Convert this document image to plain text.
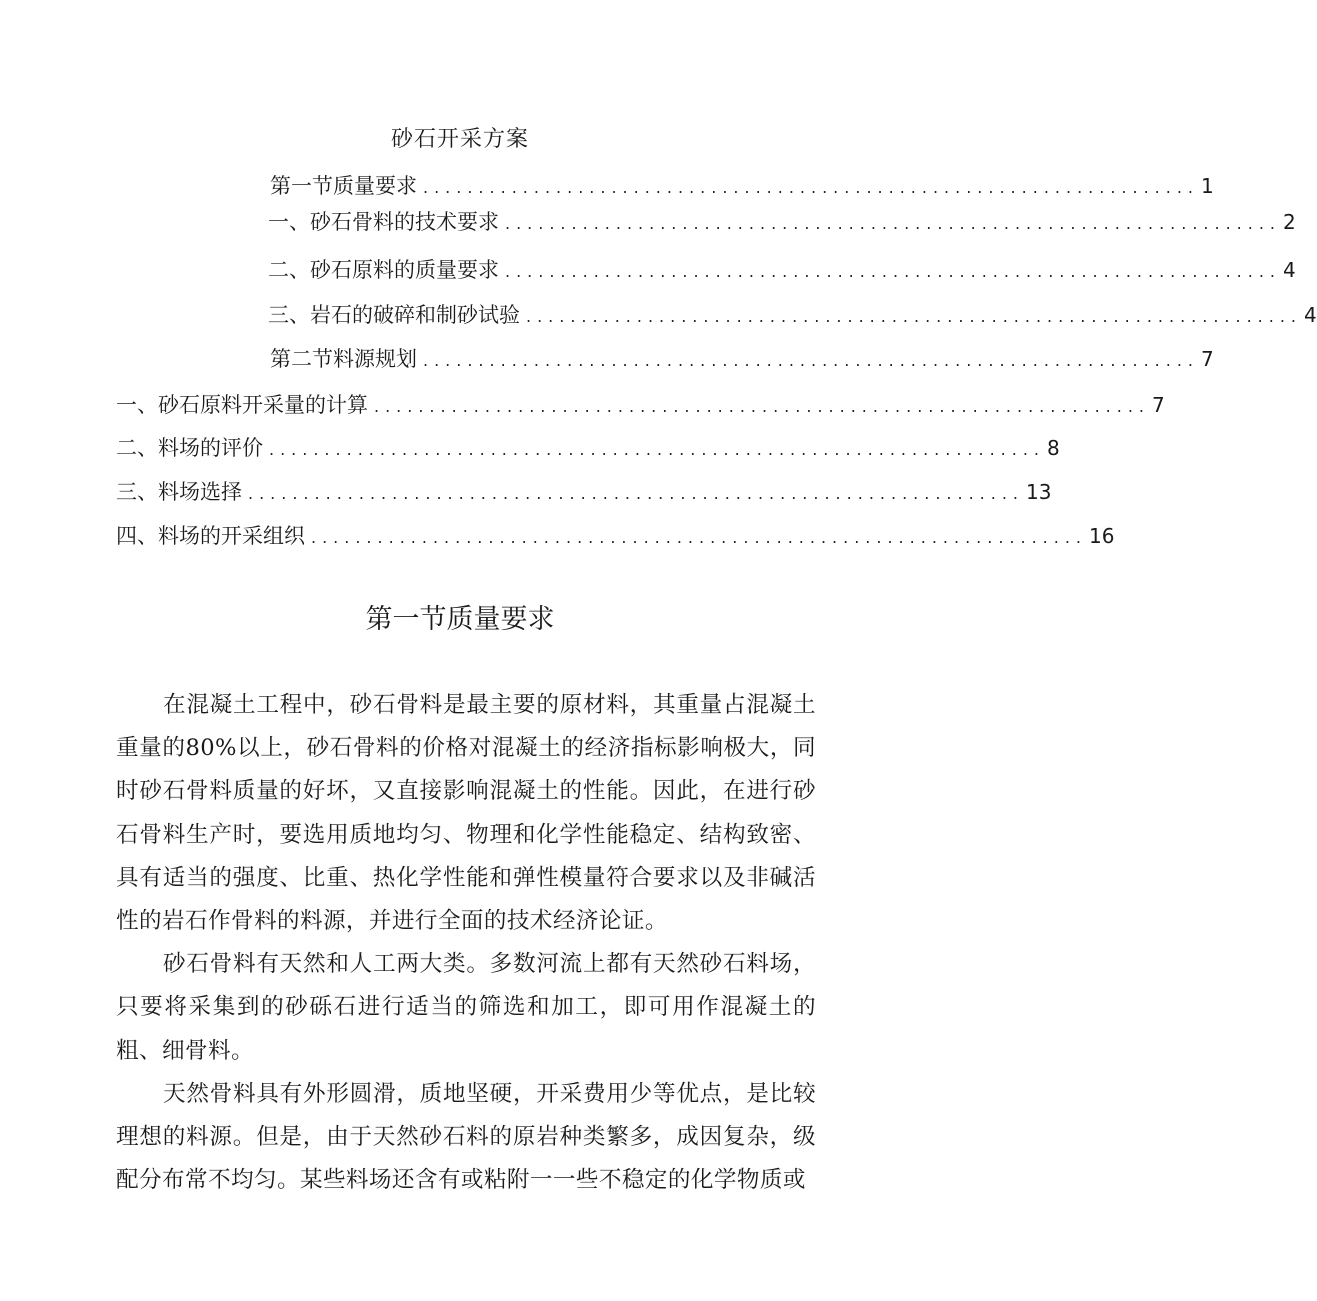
砂石开采方案
第一节质量要求 ...................................................................... 1
一、砂石骨料的技术要求 ...................................................................... 2
二、砂石原料的质量要求 ...................................................................... 4
三、岩石的破碎和制砂试验 ...................................................................... 4
第二节料源规划 ...................................................................... 7
一、砂石原料开采量的计算 ...................................................................... 7
二、料场的评价 ...................................................................... 8
三、料场选择 ...................................................................... 13
四、料场的开采组织 ...................................................................... 16
第一节质量要求

在混凝土工程中，砂石骨料是最主要的原材料，其重量占混凝土重量的80%以上，砂石骨料的价格对混凝土的经济指标影响极大，同时砂石骨料质量的好坏，又直接影响混凝土的性能。因此，在进行砂石骨料生产时，要选用质地均匀、物理和化学性能稳定、结构致密、具有适当的强度、比重、热化学性能和弹性模量符合要求以及非碱活性的岩石作骨料的料源，并进行全面的技术经济论证。

砂石骨料有天然和人工两大类。多数河流上都有天然砂石料场，只要将采集到的砂砾石进行适当的筛选和加工，即可用作混凝土的粗、细骨料。

天然骨料具有外形圆滑，质地坚硬，开采费用少等优点，是比较理想的料源。但是，由于天然砂石料的原岩种类繁多，成因复杂，级配分布常不均匀。某些料场还含有或粘附一一些不稳定的化学物质或
